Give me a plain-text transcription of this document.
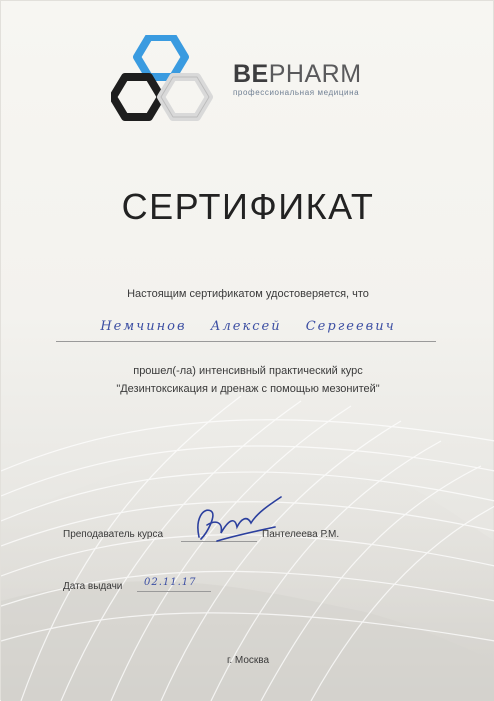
BEPHARM
профессиональная медицина
СЕРТИФИКАТ
Настоящим сертификатом удостоверяется, что
Немчинов Алексей Сергеевич
прошел(-ла) интенсивный практический курс
"Дезинтоксикация и дренаж с помощью мезонитей"
Преподаватель курса	Пантелеева Р.М.
Дата выдачи 02.11.17
г. Москва
